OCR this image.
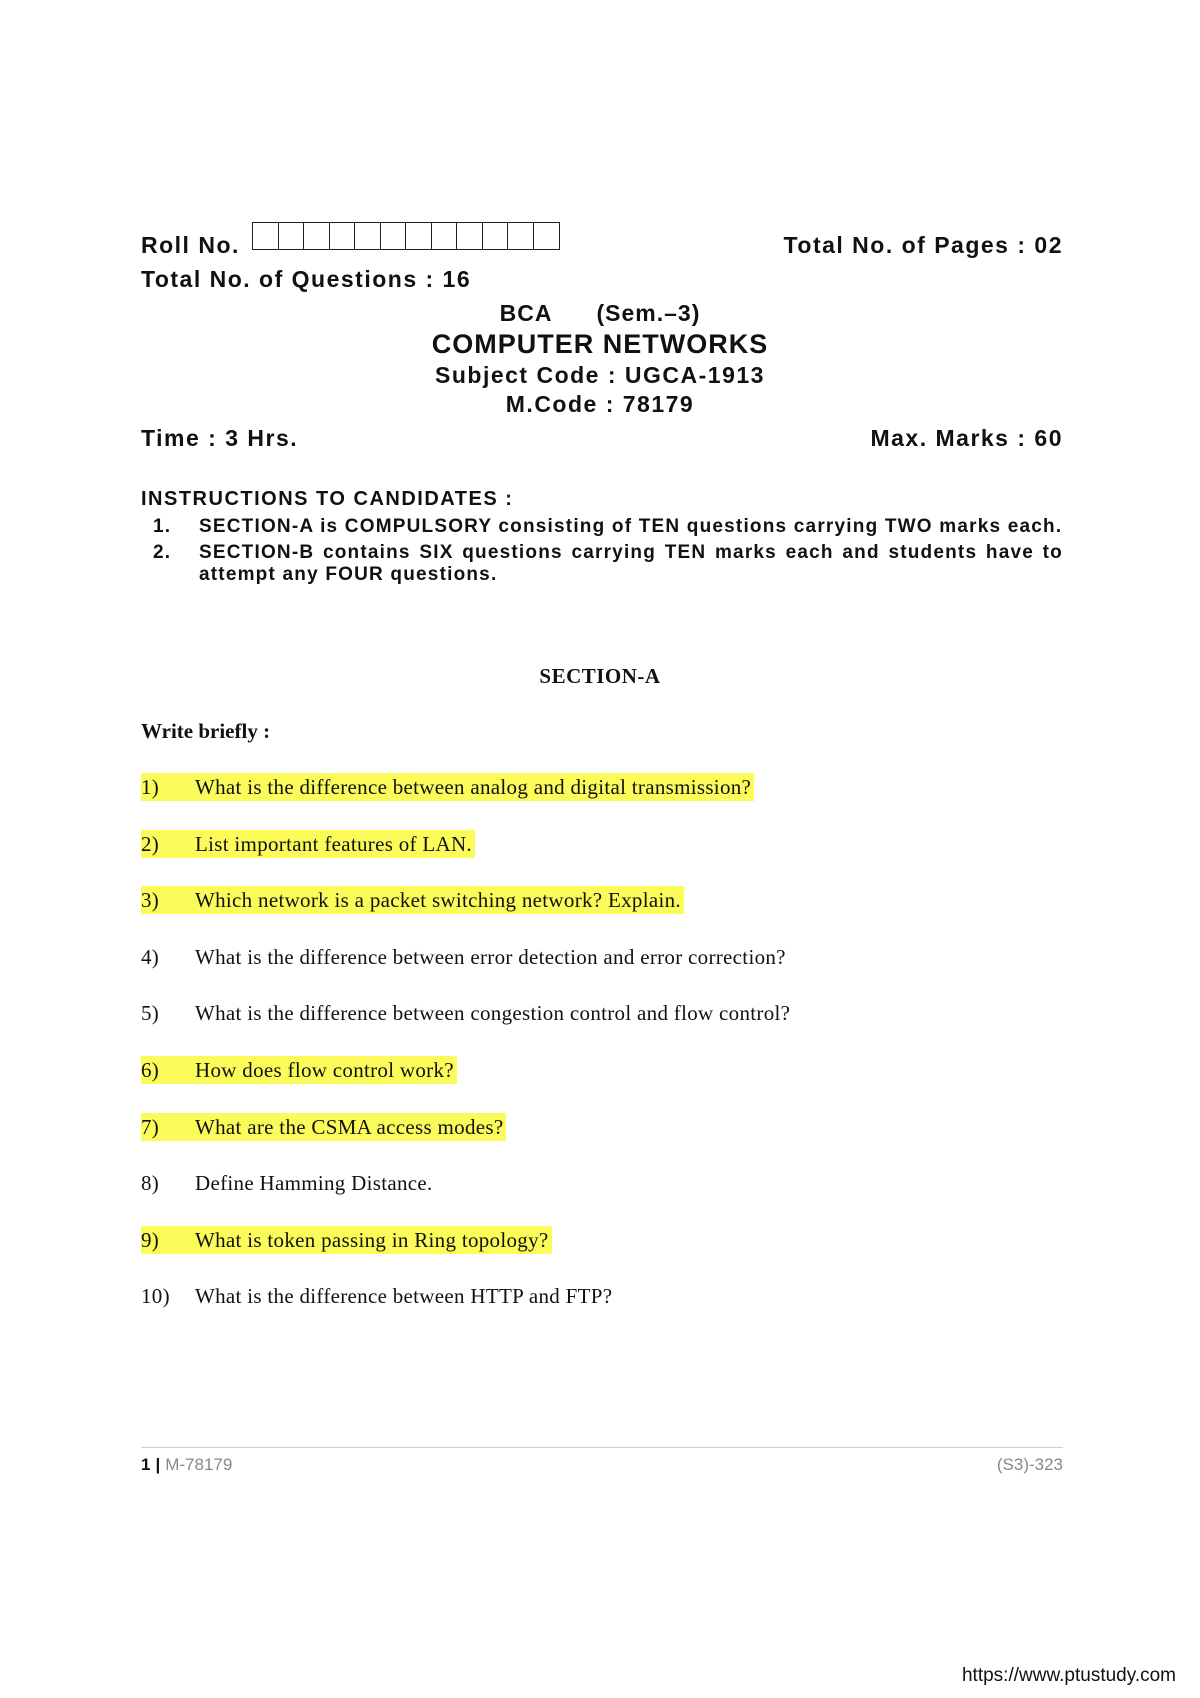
Roll No.	Total No. of Pages : 02
Total No. of Questions : 16
BCA (Sem.–3)
COMPUTER NETWORKS
Subject Code : UGCA-1913
M.Code : 78179
Time : 3 Hrs.	Max. Marks : 60
INSTRUCTIONS TO CANDIDATES :
1. SECTION-A is COMPULSORY consisting of TEN questions carrying TWO marks each.
2. SECTION-B contains SIX questions carrying TEN marks each and students have to attempt any FOUR questions.
SECTION-A
Write briefly :
1) What is the difference between analog and digital transmission?
2) List important features of LAN.
3) Which network is a packet switching network? Explain.
4) What is the difference between error detection and error correction?
5) What is the difference between congestion control and flow control?
6) How does flow control work?
7) What are the CSMA access modes?
8) Define Hamming Distance.
9) What is token passing in Ring topology?
10) What is the difference between HTTP and FTP?
1 | M-78179	(S3)-323
https://www.ptustudy.com
